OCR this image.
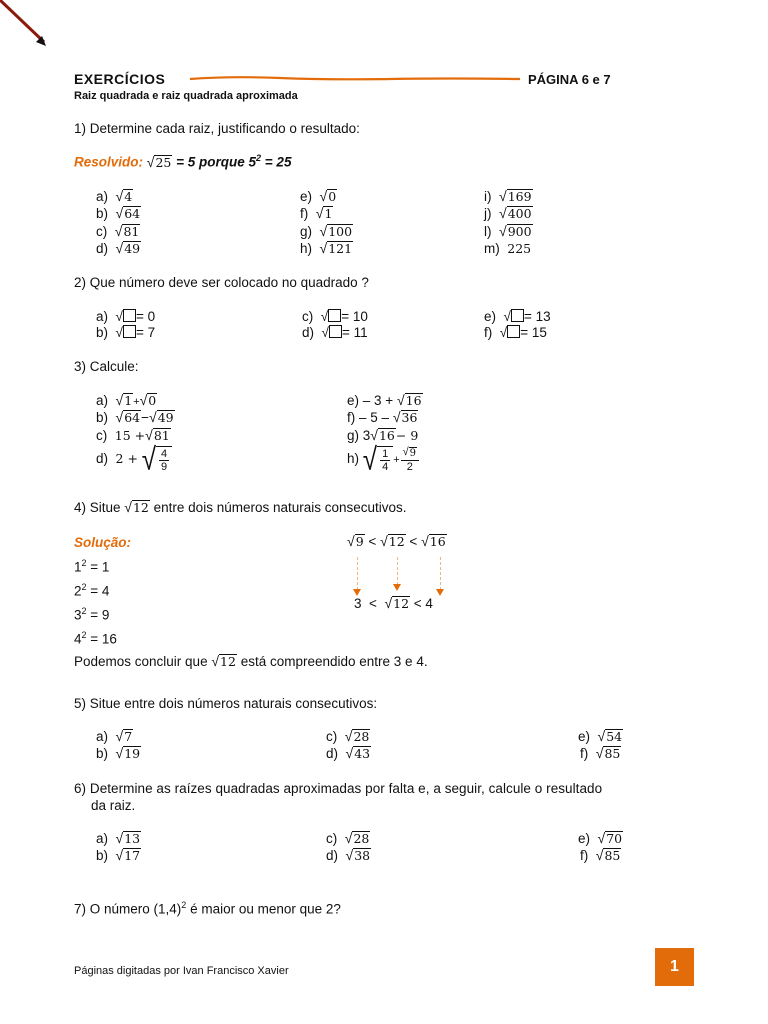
EXERCÍCIOS	PÁGINA 6 e 7
Raiz quadrada e raiz quadrada aproximada
1) Determine cada raiz, justificando o resultado:
Resolvido: √ 25 = 5 porque $5^2 = 25$
2) Que número deve ser colocado no quadrado ?
3) Calcule:
a) √ 1 + √ 0
b) √ 64 − √ 49
c) 15 + √ 81
d) 2 + √ $\frac{4}{9}$
e) – 3 + √ 16
f) – 5 – √ 36
g) 3 √ 16 − 9
h) √ $\frac{1}{4} + \frac{√ 9}{2}$
4) Situe √ 12 entre dois números naturais consecutivos.
Solução:
$1^2 = 1$
$2^2 = 4$
$3^2 = 9$
$4^2 = 16$
√ 9 < √ 12 < √ 16
3 < √ 12 < 4
Podemos concluir que √ 12 está compreendido entre 3 e 4.
5) Situe entre dois números naturais consecutivos:
6) Determine as raízes quadradas aproximadas por falta e, a seguir, calcule o resultado
da raiz.
7) O número $(1,4)^2$ é maior ou menor que 2?
Páginas digitadas por Ivan Francisco Xavier	1
a) √ 4
b) √ 64
c) √ 81
d) √ 49
e) √ 0
f) √ 1
g) √ 100
h) √ 121
i) √ 169
j) √ 400
l) √ 900
m) 225
a) √ = 0
b) √ = 7
c) √ = 10
d) √ = 11
e) √ = 13
f) √ = 15
a) √ 7
b) √ 19
c) √ 28
d) √ 43
e) √ 54
f) √ 85
a) √ 13
b) √ 17
c) √ 28
d) √ 38
e) √ 70
f) √ 85
